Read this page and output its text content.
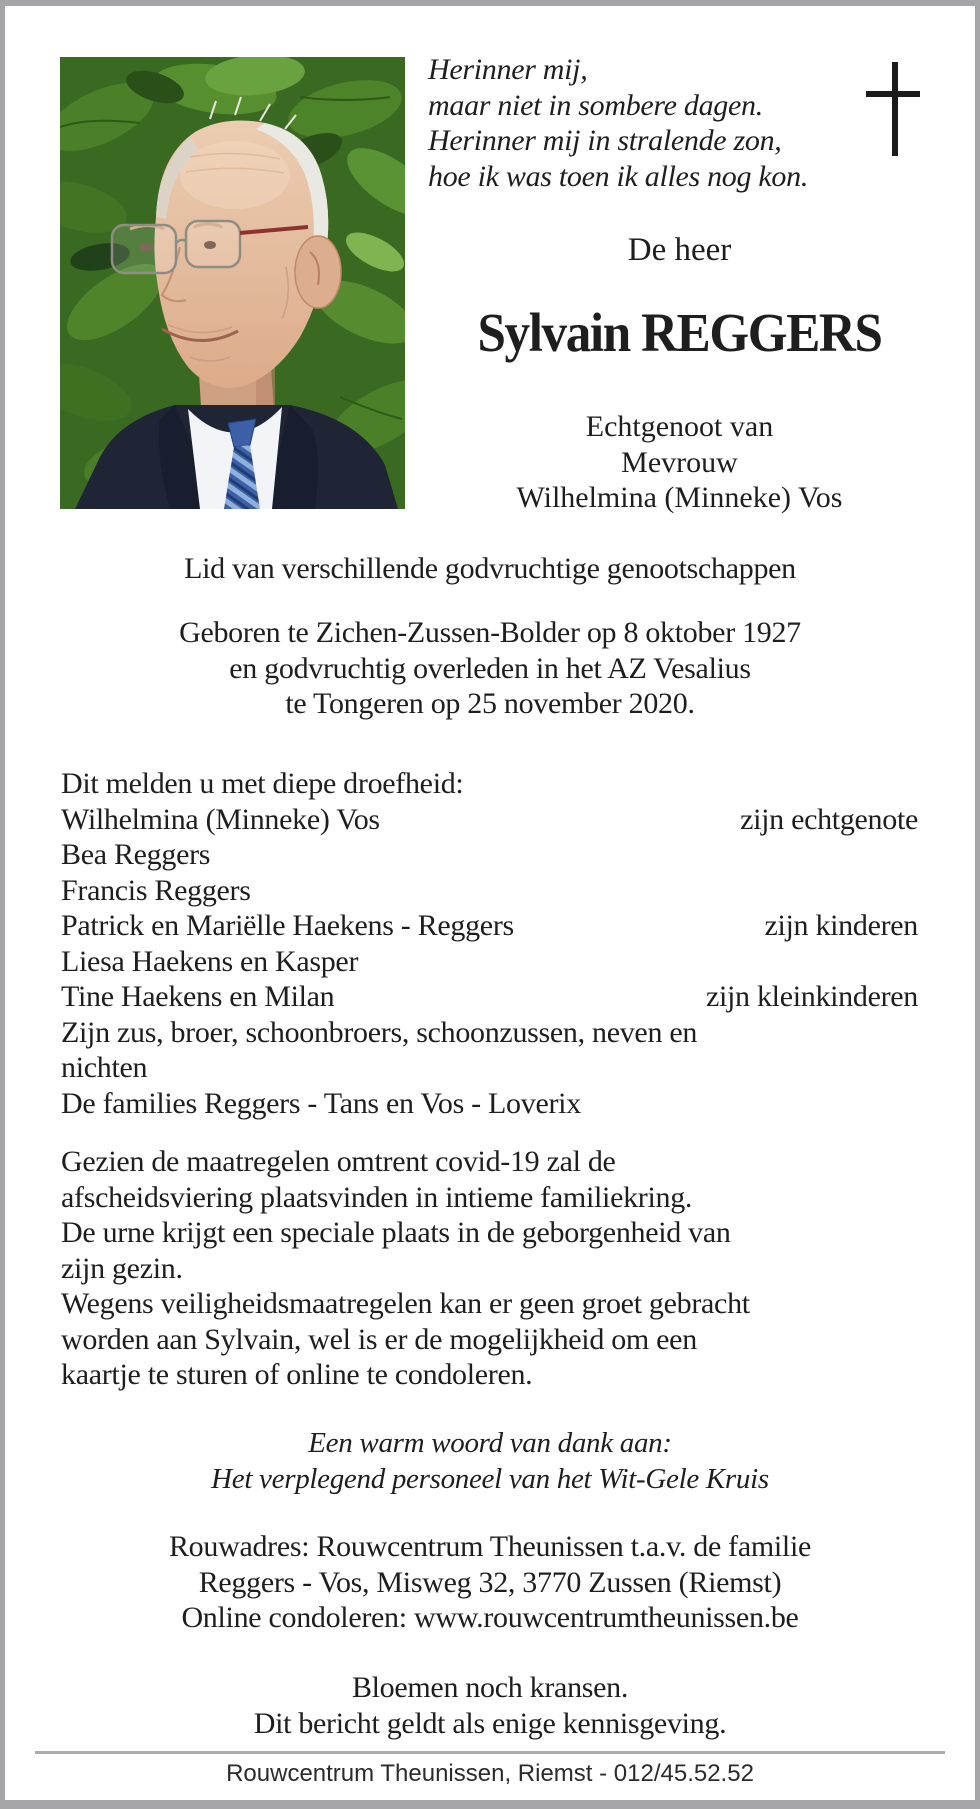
Herinner mij,
maar niet in sombere dagen.
Herinner mij in stralende zon,
hoe ik was toen ik alles nog kon.
De heer
Sylvain REGGERS
Echtgenoot van
Mevrouw
Wilhelmina (Minneke) Vos
Lid van verschillende godvruchtige genootschappen
Geboren te Zichen-Zussen-Bolder op 8 oktober 1927
en godvruchtig overleden in het AZ Vesalius
te Tongeren op 25 november 2020.
Dit melden u met diepe droefheid:
Wilhelmina (Minneke) Vos	zijn echtgenote
Bea Reggers
Francis Reggers
Patrick en Mariëlle Haekens - Reggers	zijn kinderen
Liesa Haekens en Kasper
Tine Haekens en Milan	zijn kleinkinderen
Zijn zus, broer, schoonbroers, schoonzussen, neven en
nichten
De families Reggers - Tans en Vos - Loverix
Gezien de maatregelen omtrent covid-19 zal de
afscheidsviering plaatsvinden in intieme familiekring.
De urne krijgt een speciale plaats in de geborgenheid van
zijn gezin.
Wegens veiligheidsmaatregelen kan er geen groet gebracht
worden aan Sylvain, wel is er de mogelijkheid om een
kaartje te sturen of online te condoleren.
Een warm woord van dank aan:
Het verplegend personeel van het Wit-Gele Kruis
Rouwadres: Rouwcentrum Theunissen t.a.v. de familie
Reggers - Vos, Misweg 32, 3770 Zussen (Riemst)
Online condoleren: www.rouwcentrumtheunissen.be
Bloemen noch kransen.
Dit bericht geldt als enige kennisgeving.
Rouwcentrum Theunissen, Riemst - 012/45.52.52
